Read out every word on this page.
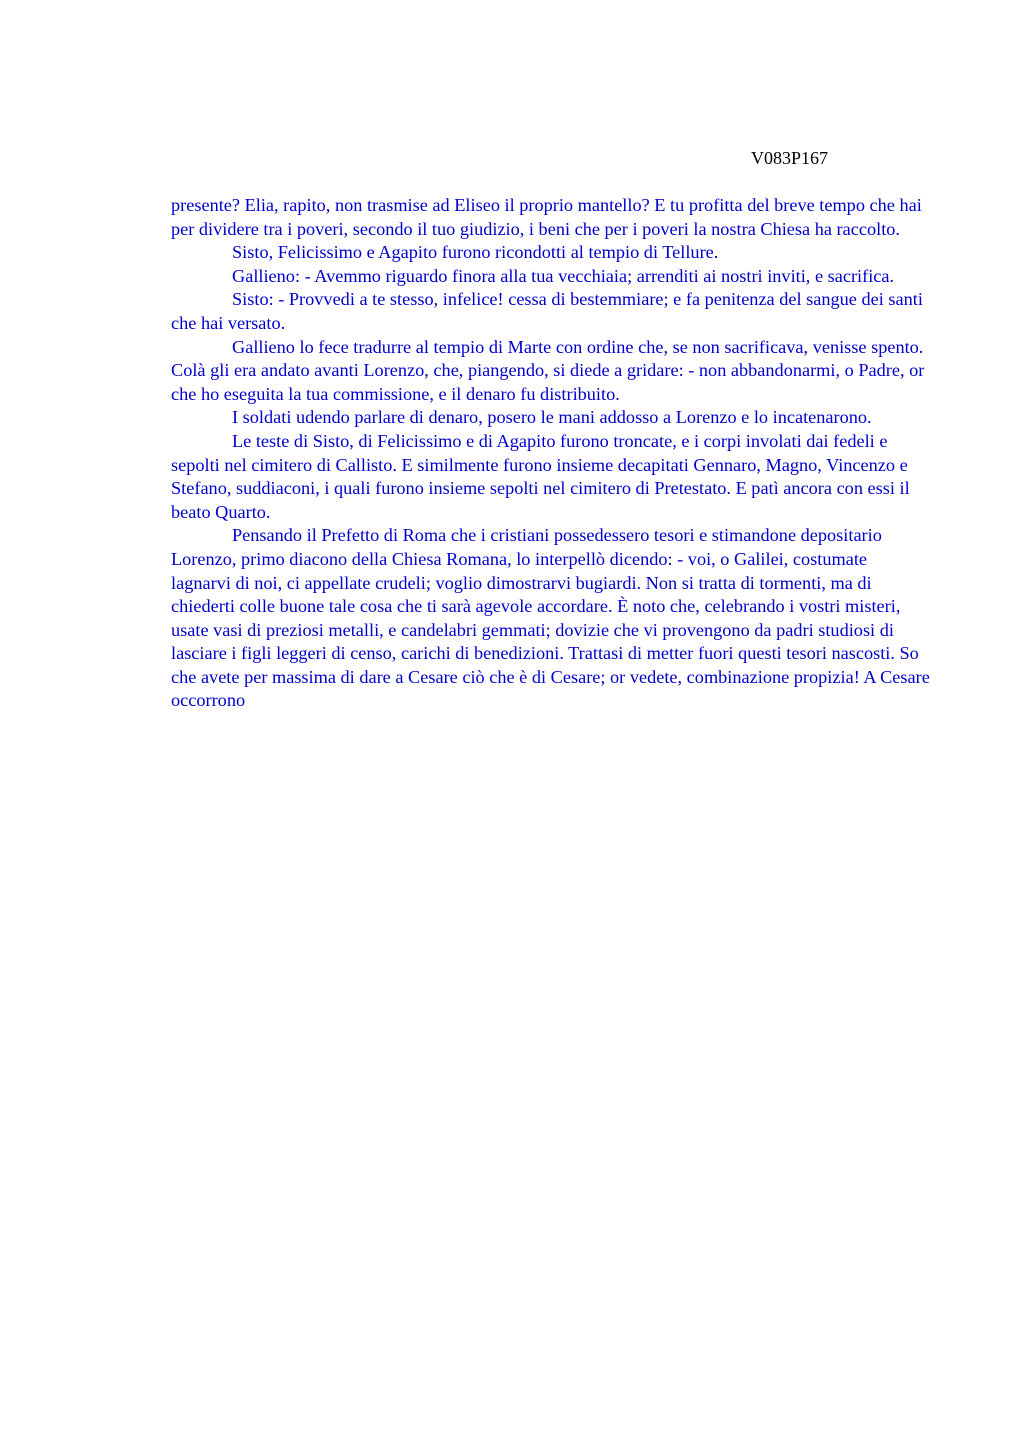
V083P167

presente? Elia, rapito, non trasmise ad Eliseo il proprio mantello? E tu profitta del breve tempo che hai per dividere tra i poveri, secondo il tuo giudizio, i beni che per i poveri la nostra Chiesa ha raccolto.

Sisto, Felicissimo e Agapito furono ricondotti al tempio di Tellure.

Gallieno: - Avemmo riguardo finora alla tua vecchiaia; arrenditi ai nostri inviti, e sacrifica.

Sisto: - Provvedi a te stesso, infelice! cessa di bestemmiare; e fa penitenza del sangue dei santi che hai versato.

Gallieno lo fece tradurre al tempio di Marte con ordine che, se non sacrificava, venisse spento. Colà gli era andato avanti Lorenzo, che, piangendo, si diede a gridare: - non abbandonarmi, o Padre, or che ho eseguita la tua commissione, e il denaro fu distribuito.

I soldati udendo parlare di denaro, posero le mani addosso a Lorenzo e lo incatenarono.

Le teste di Sisto, di Felicissimo e di Agapito furono troncate, e i corpi involati dai fedeli e sepolti nel cimitero di Callisto. E similmente furono insieme decapitati Gennaro, Magno, Vincenzo e Stefano, suddiaconi, i quali furono insieme sepolti nel cimitero di Pretestato. E patì ancora con essi il beato Quarto.

Pensando il Prefetto di Roma che i cristiani possedessero tesori e stimandone depositario Lorenzo, primo diacono della Chiesa Romana, lo interpellò dicendo: - voi, o Galilei, costumate lagnarvi di noi, ci appellate crudeli; voglio dimostrarvi bugiardi. Non si tratta di tormenti, ma di chiederti colle buone tale cosa che ti sarà agevole accordare. È noto che, celebrando i vostri misteri, usate vasi di preziosi metalli, e candelabri gemmati; dovizie che vi provengono da padri studiosi di lasciare i figli leggeri di censo, carichi di benedizioni. Trattasi di metter fuori questi tesori nascosti. So che avete per massima di dare a Cesare ciò che è di Cesare; or vedete, combinazione propizia! A Cesare occorrono
